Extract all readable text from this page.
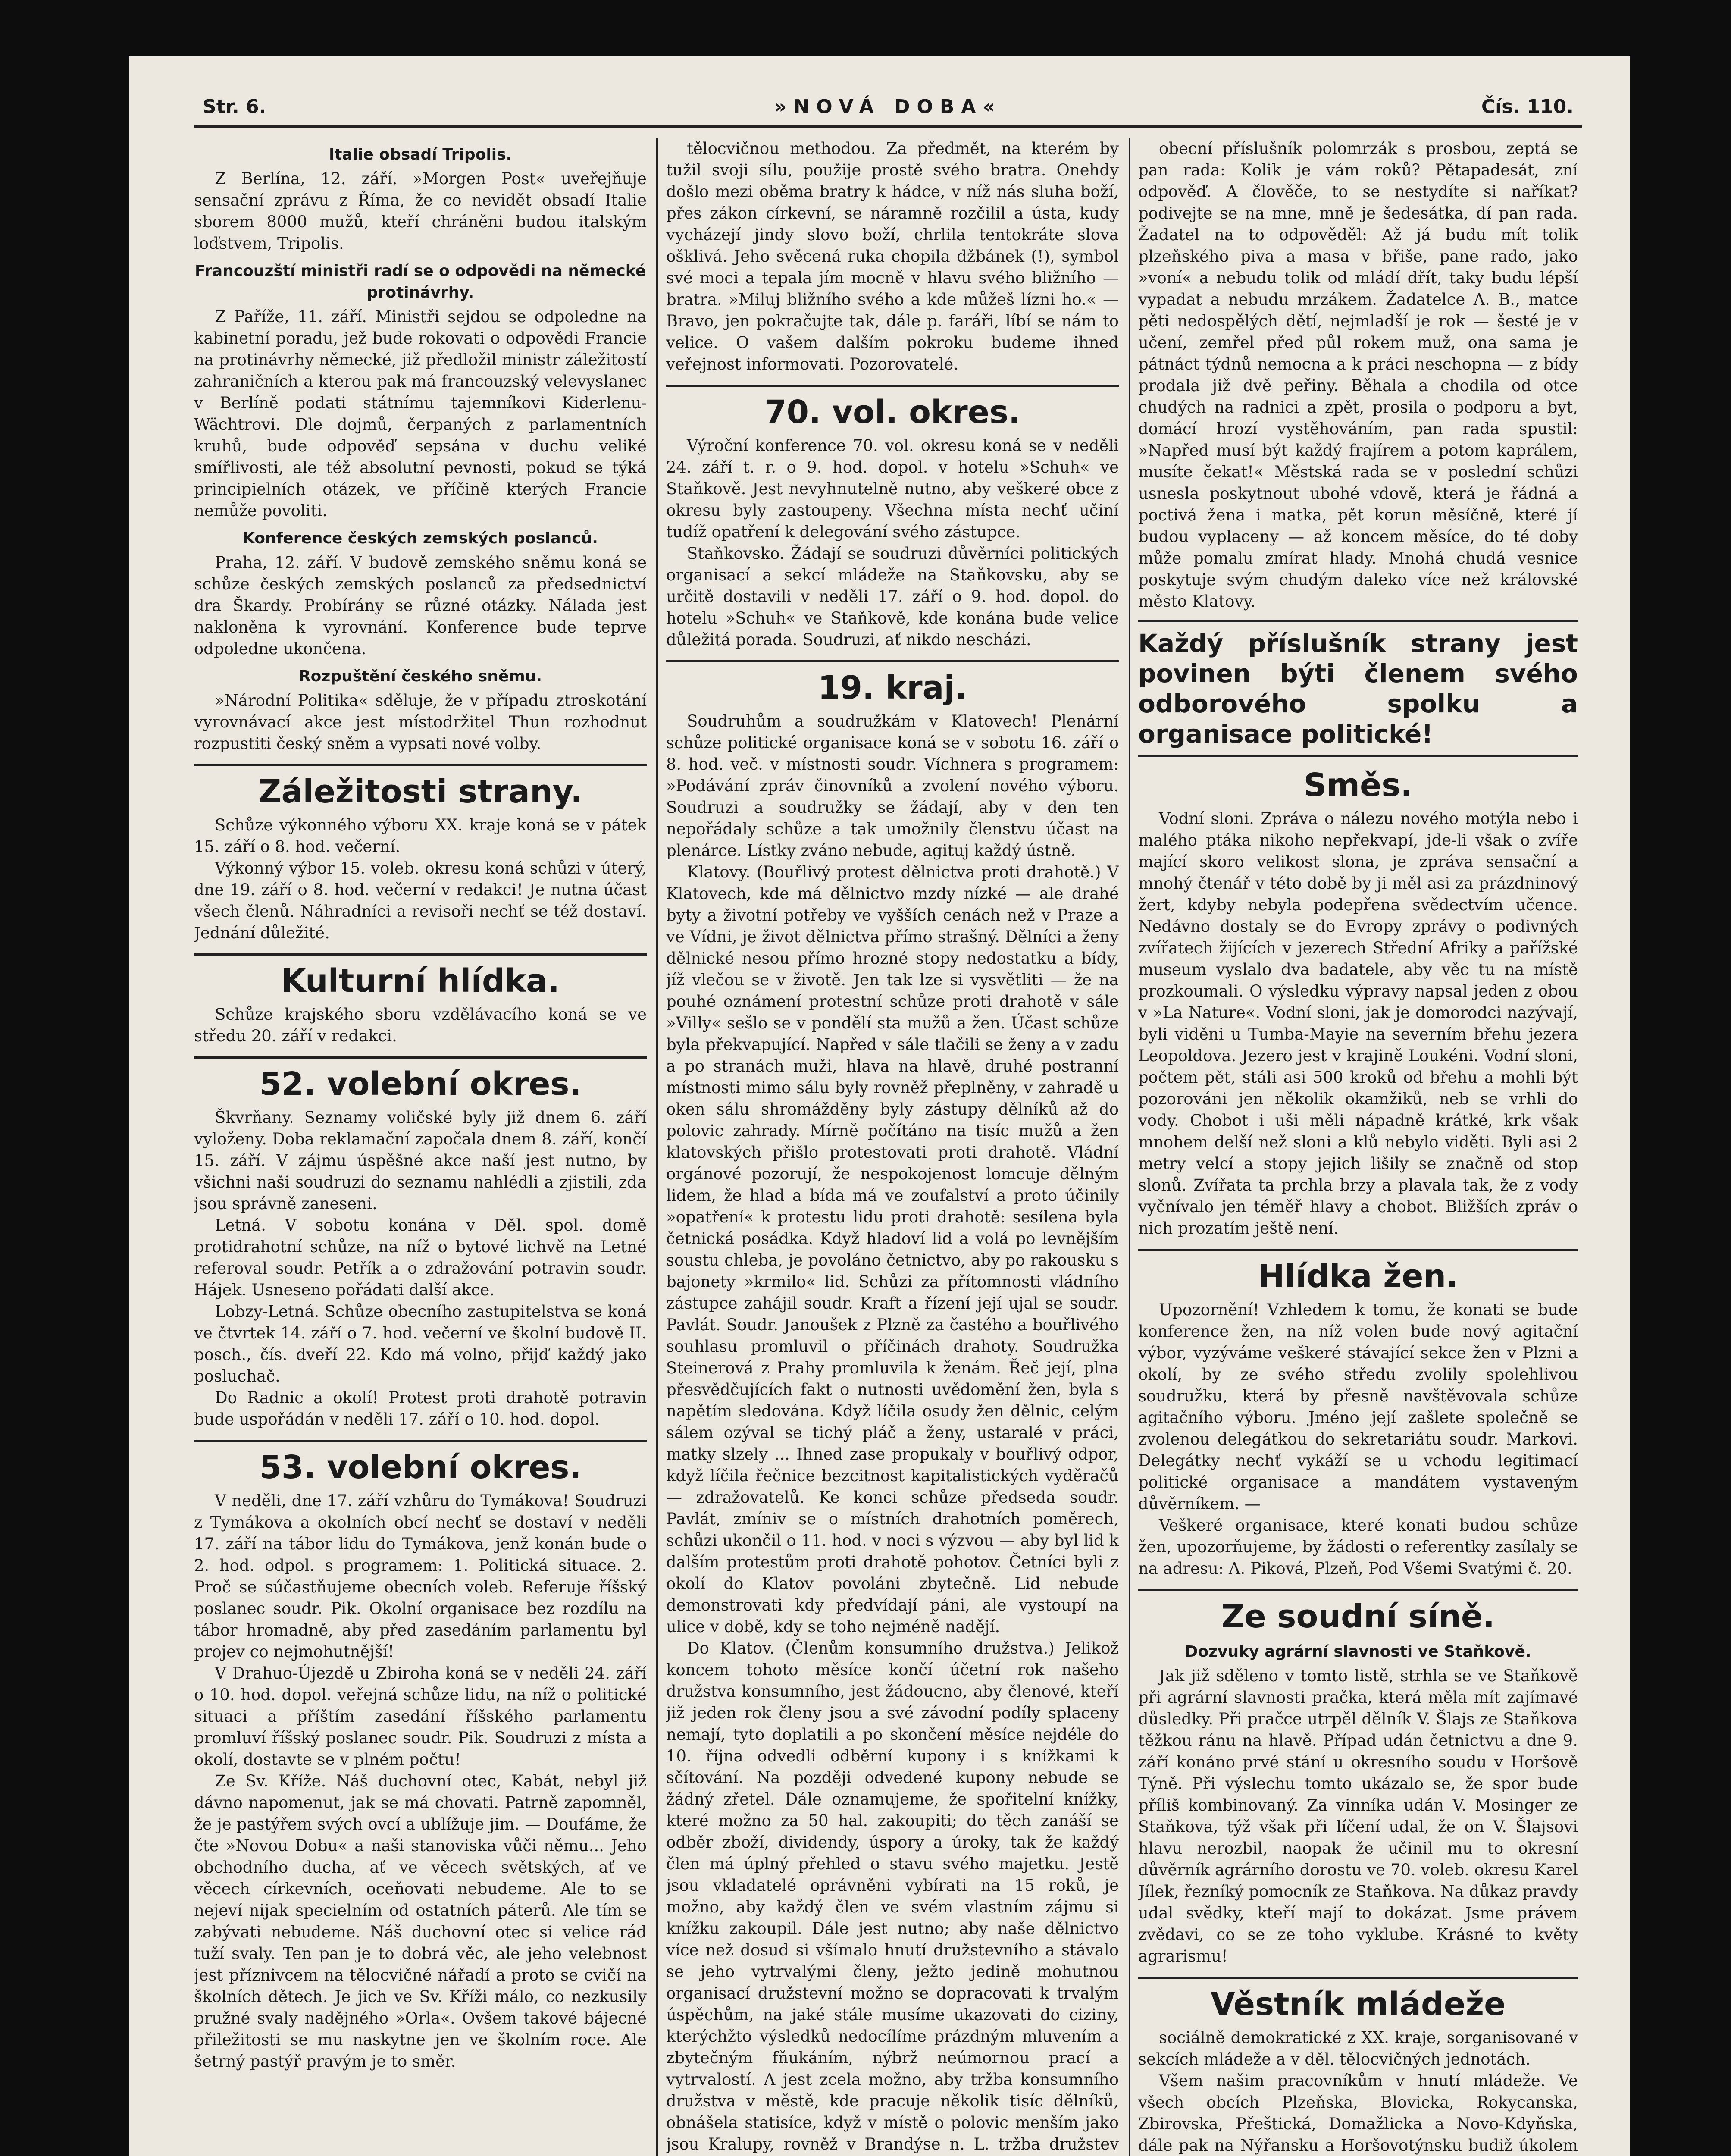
Str. 6.	»NOVÁ DOBA«	Čís. 110.
Italie obsadí Tripolis.

Z Berlína, 12. září. »Morgen Post« uveřejňuje sensační zprávu z Říma, že co nevidět obsadí Italie sborem 8000 mužů, kteří chráněni budou italským loďstvem, Tripolis.

Francouzští ministři radí se o odpovědi na německé protinávrhy.

Z Paříže, 11. září. Ministři sejdou se odpoledne na kabinetní poradu, jež bude rokovati o odpovědi Francie na protinávrhy německé, již předložil ministr záležitostí zahraničních a kterou pak má francouzský velevyslanec v Berlíně podati státnímu tajemníkovi Kiderlenu-Wächtrovi. Dle dojmů, čerpaných z parlamentních kruhů, bude odpověď sepsána v duchu veliké smířlivosti, ale též absolutní pevnosti, pokud se týká principielních otázek, ve příčině kterých Francie nemůže povoliti.

Konference českých zemských poslanců.

Praha, 12. září. V budově zemského sněmu koná se schůze českých zemských poslanců za předsednictví dra Škardy. Probírány se různé otázky. Nálada jest nakloněna k vyrovnání. Konference bude teprve odpoledne ukončena.

Rozpuštění českého sněmu.

»Národní Politika« sděluje, že v případu ztroskotání vyrovnávací akce jest místodržitel Thun rozhodnut rozpustiti český sněm a vypsati nové volby.

Záležitosti strany.

Schůze výkonného výboru XX. kraje koná se v pátek 15. září o 8. hod. večerní.

Výkonný výbor 15. voleb. okresu koná schůzi v úterý, dne 19. září o 8. hod. večerní v redakci! Je nutna účast všech členů. Náhradníci a revisoři nechť se též dostaví. Jednání důležité.

Kulturní hlídka.

Schůze krajského sboru vzdělávacího koná se ve středu 20. září v redakci.

52. volební okres.

Škvrňany. Seznamy voličské byly již dnem 6. září vyloženy. Doba reklamační započala dnem 8. září, končí 15. září. V zájmu úspěšné akce naší jest nutno, by všichni naši soudruzi do seznamu nahlédli a zjistili, zda jsou správně zaneseni.

Letná. V sobotu konána v Děl. spol. domě protidrahotní schůze, na níž o bytové lichvě na Letné referoval soudr. Petřík a o zdražování potravin soudr. Hájek. Usneseno pořádati další akce.

Lobzy-Letná. Schůze obecního zastupitelstva se koná ve čtvrtek 14. září o 7. hod. večerní ve školní budově II. posch., čís. dveří 22. Kdo má volno, přijď každý jako posluchač.

Do Radnic a okolí! Protest proti drahotě potravin bude uspořádán v neděli 17. září o 10. hod. dopol.

53. volební okres.

V neděli, dne 17. září vzhůru do Tymákova! Soudruzi z Tymákova a okolních obcí nechť se dostaví v neděli 17. září na tábor lidu do Tymákova, jenž konán bude o 2. hod. odpol. s programem: 1. Politická situace. 2. Proč se súčastňujeme obecních voleb. Referuje říšský poslanec soudr. Pik. Okolní organisace bez rozdílu na tábor hromadně, aby před zasedáním parlamentu byl projev co nejmohutnější!

V Drahuo-Újezdě u Zbiroha koná se v neděli 24. září o 10. hod. dopol. veřejná schůze lidu, na níž o politické situaci a příštím zasedání říšského parlamentu promluví říšský poslanec soudr. Pik. Soudruzi z místa a okolí, dostavte se v plném počtu!

Ze Sv. Kříže. Náš duchovní otec, Kabát, nebyl již dávno napomenut, jak se má chovati. Patrně zapomněl, že je pastýřem svých ovcí a ublížuje jim. — Doufáme, že čte »Novou Dobu« a naši stanoviska vůči němu... Jeho obchodního ducha, ať ve věcech světských, ať ve věcech církevních, oceňovati nebudeme. Ale to se nejeví nijak specielním od ostatních páterů. Ale tím se zabývati nebudeme. Náš duchovní otec si velice rád tuží svaly. Ten pan je to dobrá věc, ale jeho velebnost jest příznivcem na tělocvičné nářadí a proto se cvičí na školních dětech. Je jich ve Sv. Kříži málo, co nezkusily pružné svaly nadějného »Orla«. Ovšem takové bájecné přiležitosti se mu naskytne jen ve školním roce. Ale šetrný pastýř pravým je to směr.

tělocvičnou methodou. Za předmět, na kterém by tužil svoji sílu, použije prostě svého bratra. Onehdy došlo mezi oběma bratry k hádce, v níž nás sluha boží, přes zákon církevní, se náramně rozčilil a ústa, kudy vycházejí jindy slovo boží, chrlila tentokráte slova ošklivá. Jeho svěcená ruka chopila džbánek (!), symbol své moci a tepala jím mocně v hlavu svého bližního — bratra. »Miluj bližního svého a kde můžeš lízni ho.« — Bravo, jen pokračujte tak, dále p. faráři, líbí se nám to velice. O vašem dalším pokroku budeme ihned veřejnost informovati. Pozorovatelé.

70. vol. okres.

Výroční konference 70. vol. okresu koná se v neděli 24. září t. r. o 9. hod. dopol. v hotelu »Schuh« ve Staňkově. Jest nevyhnutelně nutno, aby veškeré obce z okresu byly zastoupeny. Všechna místa nechť učiní tudíž opatření k delegování svého zástupce.

Staňkovsko. Žádají se soudruzi důvěrníci politických organisací a sekcí mládeže na Staňkovsku, aby se určitě dostavili v neděli 17. září o 9. hod. dopol. do hotelu »Schuh« ve Staňkově, kde konána bude velice důležitá porada. Soudruzi, ať nikdo nescházi.

19. kraj.

Soudruhům a soudružkám v Klatovech! Plenární schůze politické organisace koná se v sobotu 16. září o 8. hod. več. v místnosti soudr. Víchnera s programem: »Podávání zpráv činovníků a zvolení nového výboru. Soudruzi a soudružky se žádají, aby v den ten nepořádaly schůze a tak umožnily členstvu účast na plenárce. Lístky zváno nebude, agituj každý ústně.

Klatovy. (Bouřlivý protest dělnictva proti drahotě.) V Klatovech, kde má dělnictvo mzdy nízké — ale drahé byty a životní potřeby ve vyšších cenách než v Praze a ve Vídni, je život dělnictva přímo strašný. Dělníci a ženy dělnické nesou přímo hrozné stopy nedostatku a bídy, jíž vlečou se v životě. Jen tak lze si vysvětliti — že na pouhé oznámení protestní schůze proti drahotě v sále »Villy« sešlo se v pondělí sta mužů a žen. Účast schůze byla překvapující. Napřed v sále tlačili se ženy a v zadu a po stranách muži, hlava na hlavě, druhé postranní místnosti mimo sálu byly rovněž přeplněny, v zahradě u oken sálu shromážděny byly zástupy dělníků až do polovic zahrady. Mírně počítáno na tisíc mužů a žen klatovských přišlo protestovati proti drahotě. Vládní orgánové pozorují, že nespokojenost lomcuje dělným lidem, že hlad a bída má ve zoufalství a proto účinily »opatření« k protestu lidu proti drahotě: sesílena byla četnická posádka. Když hladoví lid a volá po levnějším soustu chleba, je povoláno četnictvo, aby po rakousku s bajonety »krmilo« lid. Schůzi za přítomnosti vládního zástupce zahájil soudr. Kraft a řízení její ujal se soudr. Pavlát. Soudr. Janoušek z Plzně za častého a bouřlivého souhlasu promluvil o příčinách drahoty. Soudružka Steinerová z Prahy promluvila k ženám. Řeč její, plna přesvědčujících fakt o nutnosti uvědomění žen, byla s napětím sledována. Když líčila osudy žen dělnic, celým sálem ozýval se tichý pláč a ženy, ustaralé v práci, matky slzely ... Ihned zase propukaly v bouřlivý odpor, když líčila řečnice bezcitnost kapitalistických vyděračů — zdražovatelů. Ke konci schůze předseda soudr. Pavlát, zmíniv se o místních drahotních poměrech, schůzi ukončil o 11. hod. v noci s výzvou — aby byl lid k dalším protestům proti drahotě pohotov. Četníci byli z okolí do Klatov povoláni zbytečně. Lid nebude demonstrovati kdy předvídají páni, ale vystoupí na ulice v době, kdy se toho nejméně nadějí.

Do Klatov. (Členům konsumního družstva.) Jelikož koncem tohoto měsíce končí účetní rok našeho družstva konsumního, jest žádoucno, aby členové, kteří již jeden rok členy jsou a své závodní podíly splaceny nemají, tyto doplatili a po skončení měsíce nejdéle do 10. října odvedli odběrní kupony i s knížkami k sčítování. Na později odvedené kupony nebude se žádný zřetel. Dále oznamujeme, že spořitelní knížky, které možno za 50 hal. zakoupiti; do těch zanáší se odběr zboží, dividendy, úspory a úroky, tak že každý člen má úplný přehled o stavu svého majetku. Jestě jsou vkladatelé oprávněni vybírati na 15 roků, je možno, aby každý člen ve svém vlastním zájmu si knížku zakoupil. Dále jest nutno; aby naše dělnictvo více než dosud si všímalo hnutí družstevního a stávalo se jeho vytrvalými členy, ježto jedině mohutnou organisací družstevní možno se dopracovati k trvalým úspěchům, na jaké stále musíme ukazovati do ciziny, kterýchžto výsledků nedocílíme prázdným mluvením a zbytečným fňukáním, nýbrž neúmornou prací a vytrvalostí. A jest zcela možno, aby tržba konsumního družstva v městě, kde pracuje několik tisíc dělníků, obnášela statisíce, když v místě o polovic menším jako jsou Kralupy, rovněž v Brandýse n. L. tržba družstev

obecní příslušník polomrzák s prosbou, zeptá se pan rada: Kolik je vám roků? Pětapadesát, zní odpověď. A člověče, to se nestydíte si naříkat? podivejte se na mne, mně je šedesátka, dí pan rada. Žadatel na to odpověděl: Až já budu mít tolik plzeňského piva a masa v břiše, pane rado, jako »voní« a nebudu tolik od mládí dřít, taky budu lépší vypadat a nebudu mrzákem. Žadatelce A. B., matce pěti nedospělých dětí, nejmladší je rok — šesté je v učení, zemřel před půl rokem muž, ona sama je pátnáct týdnů nemocna a k práci neschopna — z bídy prodala již dvě peřiny. Běhala a chodila od otce chudých na radnici a zpět, prosila o podporu a byt, domácí hrozí vystěhováním, pan rada spustil: »Napřed musí být každý frajírem a potom kaprálem, musíte čekat!« Městská rada se v poslední schůzi usnesla poskytnout ubohé vdově, která je řádná a poctivá žena i matka, pět korun měsíčně, které jí budou vyplaceny — až koncem měsíce, do té doby může pomalu zmírat hlady. Mnohá chudá vesnice poskytuje svým chudým daleko více než královské město Klatovy.

Každý příslušník strany jest povinen býti členem svého odborového spolku a organisace politické!
Směs.

Vodní sloni. Zpráva o nálezu nového motýla nebo i malého ptáka nikoho nepřekvapí, jde-li však o zvíře mající skoro velikost slona, je zpráva sensační a mnohý čtenář v této době by ji měl asi za prázdninový žert, kdyby nebyla podepřena svědectvím učence. Nedávno dostaly se do Evropy zprávy o podivných zvířatech žijících v jezerech Střední Afriky a pařížské museum vyslalo dva badatele, aby věc tu na místě prozkoumali. O výsledku výpravy napsal jeden z obou v »La Nature«. Vodní sloni, jak je domorodci nazývají, byli viděni u Tumba-Mayie na severním břehu jezera Leopoldova. Jezero jest v krajině Loukéni. Vodní sloni, počtem pět, stáli asi 500 kroků od břehu a mohli být pozorováni jen několik okamžiků, neb se vrhli do vody. Chobot i uši měli nápadně krátké, krk však mnohem delší než sloni a klů nebylo viděti. Byli asi 2 metry velcí a stopy jejich lišily se značně od stop slonů. Zvířata ta prchla brzy a plavala tak, že z vody vyčnívalo jen téměř hlavy a chobot. Bližších zpráv o nich prozatím ještě není.

Hlídka žen.

Upozornění! Vzhledem k tomu, že konati se bude konference žen, na níž volen bude nový agitační výbor, vyzýváme veškeré stávající sekce žen v Plzni a okolí, by ze svého středu zvolily spolehlivou soudružku, která by přesně navštěvovala schůze agitačního výboru. Jméno její zašlete společně se zvolenou delegátkou do sekretariátu soudr. Markovi. Delegátky nechť vykáží se u vchodu legitimací politické organisace a mandátem vystaveným důvěrníkem. —

Veškeré organisace, které konati budou schůze žen, upozorňujeme, by žádosti o referentky zasílaly se na adresu: A. Piková, Plzeň, Pod Všemi Svatými č. 20.

Ze soudní síně.
Dozvuky agrární slavnosti ve Staňkově.

Jak již sděleno v tomto listě, strhla se ve Staňkově při agrární slavnosti pračka, která měla mít zajímavé důsledky. Při pračce utrpěl dělník V. Šlajs ze Staňkova těžkou ránu na hlavě. Případ udán četnictvu a dne 9. září konáno prvé stání u okresního soudu v Horšově Týně. Při výslechu tomto ukázalo se, že spor bude příliš kombinovaný. Za vinníka udán V. Mosinger ze Staňkova, týž však při líčení udal, že on V. Šlajsovi hlavu nerozbil, naopak že učinil mu to okresní důvěrník agrárního dorostu ve 70. voleb. okresu Karel Jílek, řezníký pomocník ze Staňkova. Na důkaz pravdy udal svědky, kteří mají to dokázat. Jsme právem zvědavi, co se ze toho vyklube. Krásné to květy agrarismu!

Věstník mládeže

sociálně demokratické z XX. kraje, sorganisované v sekcích mládeže a v děl. tělocvičných jednotách.

Všem našim pracovníkům v hnutí mládeže. Ve všech obcích Plzeňska, Blovicka, Rokycanska, Zbirovska, Přeštická, Domažlicka a Novo-Kdyňska, dále pak na Nýřansku a Horšovotýnsku budiž úkolem
